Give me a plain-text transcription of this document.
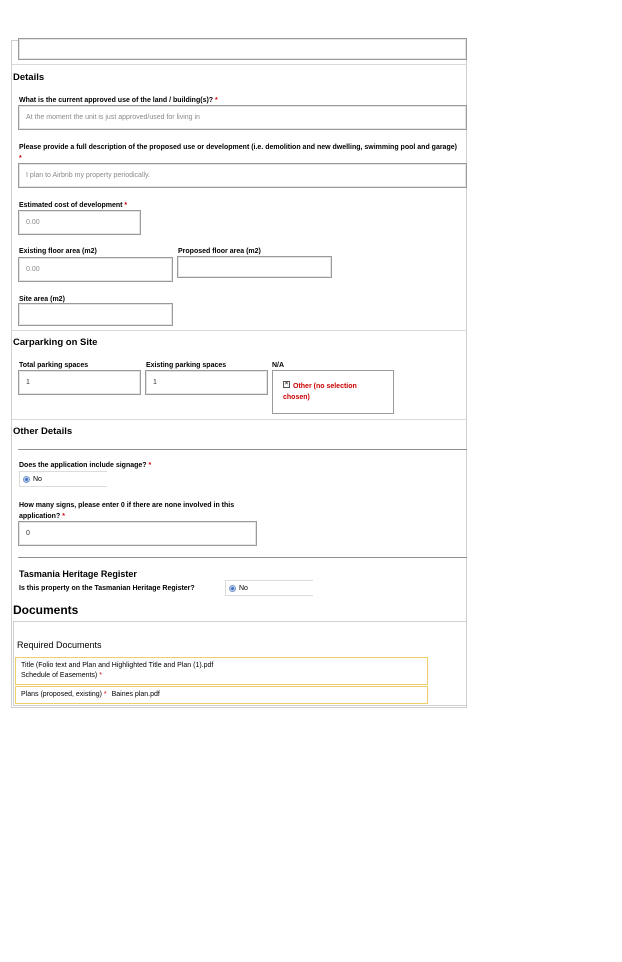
Details
What is the current approved use of the land / building(s)? *
At the moment the unit is just approved/used for living in
Please provide a full description of the proposed use or development (i.e. demolition and new dwelling, swimming pool and garage) *
I plan to Airbnb my property periodically.
Estimated cost of development *
0.00
Existing floor area (m2)
0.00
Proposed floor area (m2)
Site area (m2)
Carparking on Site
Total parking spaces
1
Existing parking spaces
1
N/A
× Other (no selection chosen)
Other Details
Does the application include signage? *
No
How many signs, please enter 0 if there are none involved in this application? *
0
Tasmania Heritage Register
Is this property on the Tasmanian Heritage Register?	No
Documents
Required Documents
Title (Folio text and Plan and Highlighted Title and Plan (1).pdf
Schedule of Easements) *
Plans (proposed, existing) * Baines plan.pdf
